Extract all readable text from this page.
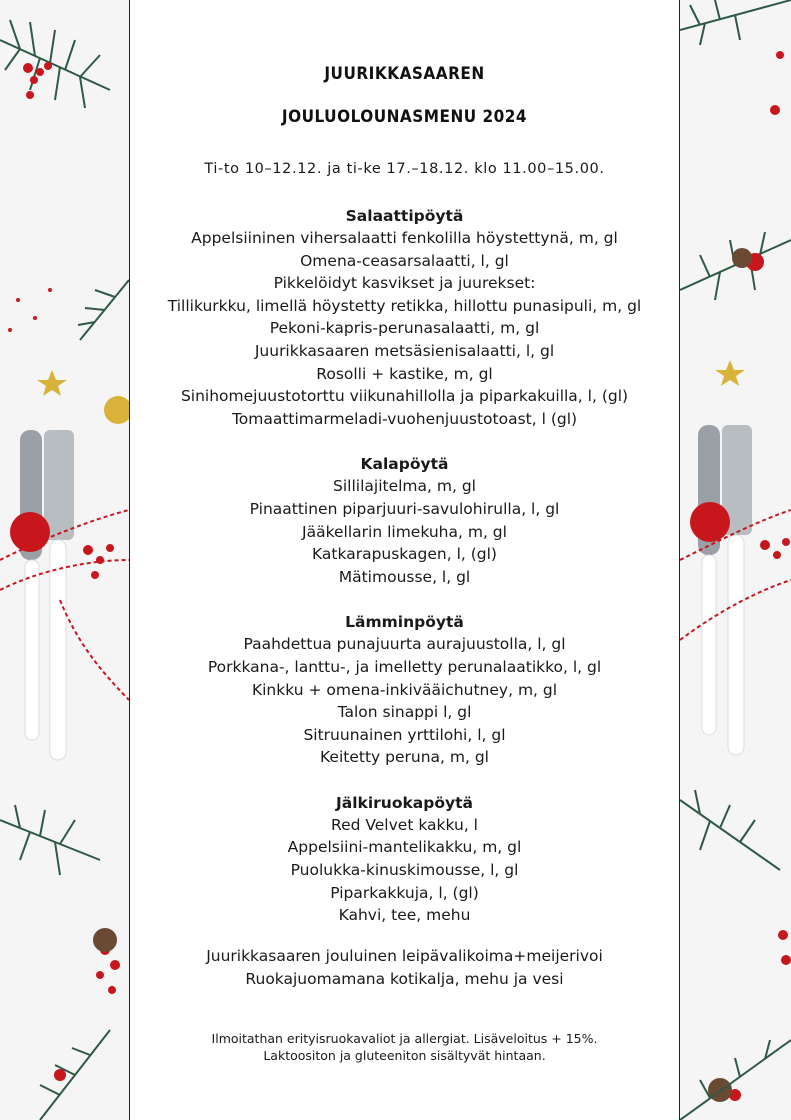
JUURIKKASAAREN
JOULUOLOUNASMENU 2024
Ti-to 10–12.12. ja ti-ke 17.–18.12. klo 11.00–15.00.
Salaattipöytä
Appelsiininen vihersalaatti fenkolilla höystettynä, m, gl
Omena-ceasarsalaatti, l, gl
Pikkelöidyt kasvikset ja juurekset:
Tillikurkku, limellä höystetty retikka, hillottu punasipuli, m, gl
Pekoni-kapris-perunasalaatti, m, gl
Juurikkasaaren metsäsienisalaatti, l, gl
Rosolli + kastike, m, gl
Sinihomejuustotorttu viikunahillolla ja piparkakuilla, l, (gl)
Tomaattimarmeladi-vuohenjuustotoast, l (gl)
Kalapöytä
Sillilajitelma, m, gl
Pinaattinen piparjuuri-savulohirulla, l, gl
Jääkellarin limekuha, m, gl
Katkarapuskagen, l, (gl)
Mätimousse, l, gl
Lämminpöytä
Paahdettua punajuurta aurajuustolla, l, gl
Porkkana-, lanttu-, ja imelletty perunalaatikko, l, gl
Kinkku + omena-inkivääichutney, m, gl
Talon sinappi l, gl
Sitruunainen yrttilohi, l, gl
Keitetty peruna, m, gl
Jälkiruokapöytä
Red Velvet kakku, l
Appelsiini-mantelikakku, m, gl
Puolukka-kinuskimousse, l, gl
Piparkakkuja, l, (gl)
Kahvi, tee, mehu
Juurikkasaaren jouluinen leipävalikoima+meijerivoi
Ruokajuomamana kotikalja, mehu ja vesi
Ilmoitathan erityisruokavaliot ja allergiat. Lisäveloitus + 15%.
Laktoositon ja gluteeniton sisältyvät hintaan.
